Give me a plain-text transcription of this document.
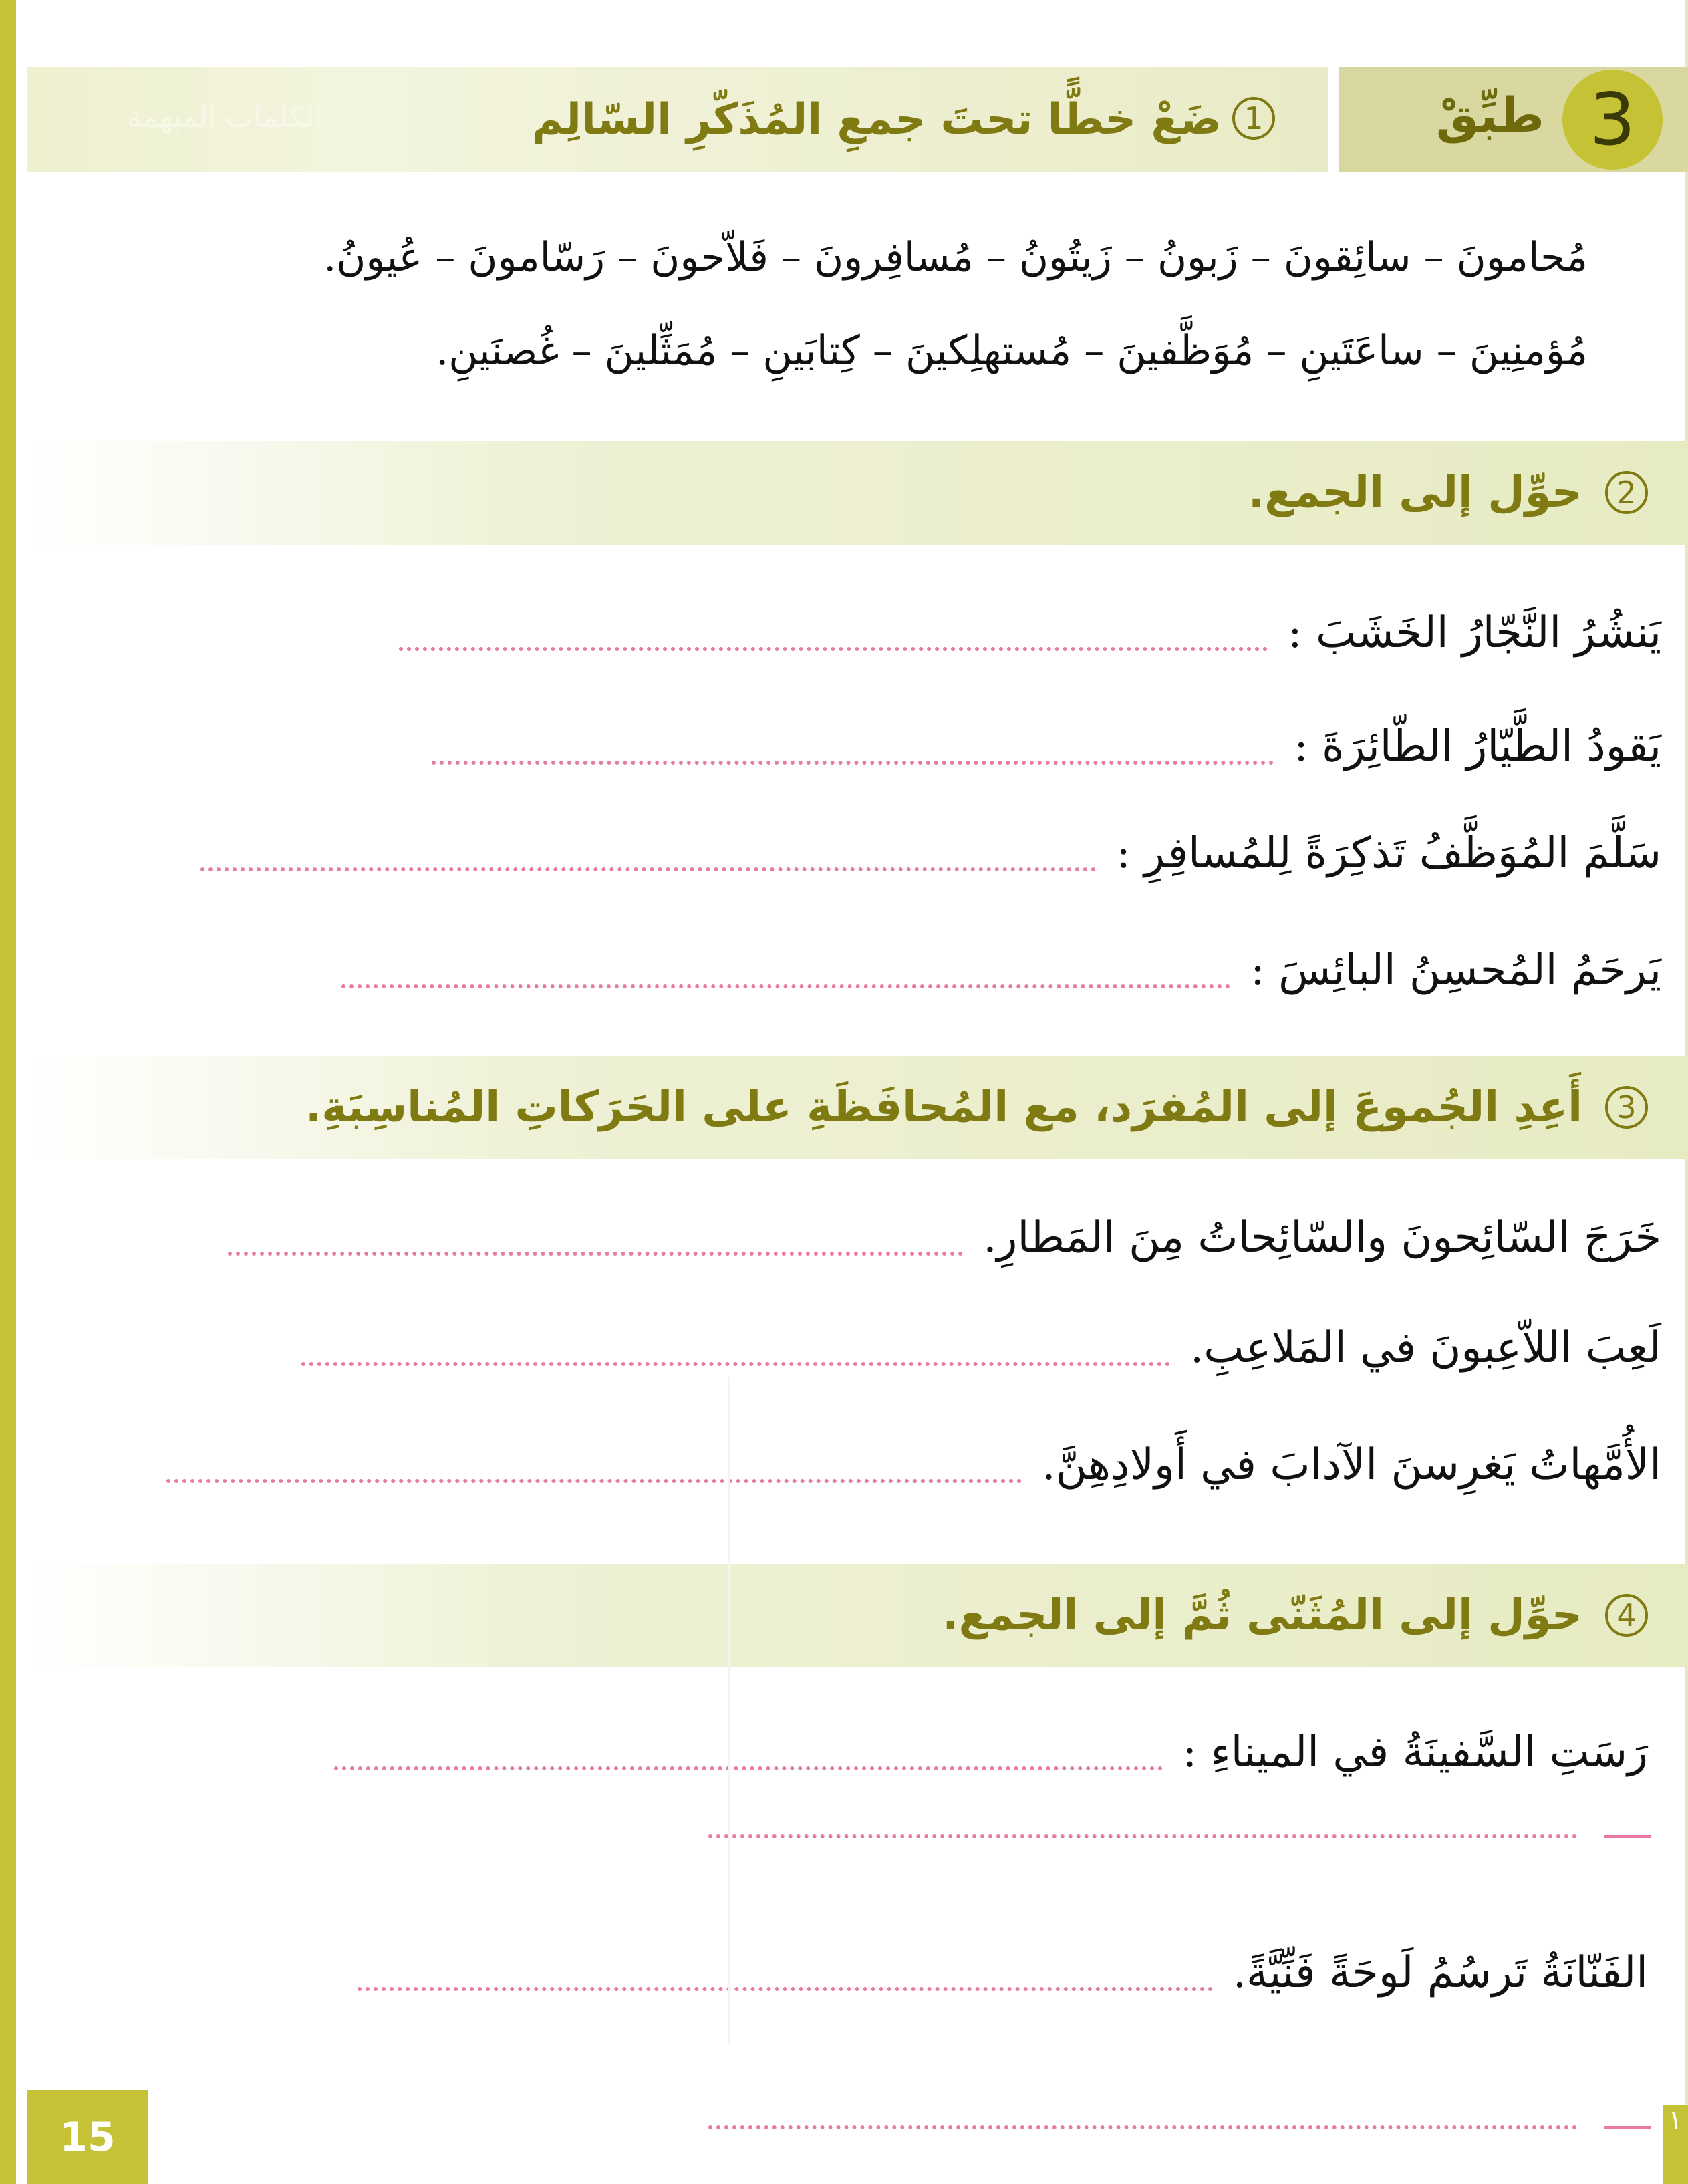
الكلمات المبهمة	ضَعْ خطًّا تحتَ جمعِ المُذَكّرِ السّالِم 1	طبِّقْ 3
مُحامونَ – سائِقونَ – زَبونُ – زَيتُونُ – مُسافِرونَ – فَلاّحونَ – رَسّامونَ – عُيونُ.
مُؤمنِينَ – ساعَتَينِ – مُوَظَّفينَ – مُستهلِكينَ – كِتابَينِ – مُمَثِّلينَ – غُصنَينِ.
2
حوِّل إلى الجمع.
يَنشُرُ النَّجّارُ الخَشَبَ :
يَقودُ الطَّيّارُ الطّائِرَةَ :
سَلَّمَ المُوَظَّفُ تَذكِرَةً لِلمُسافِرِ :
يَرحَمُ المُحسِنُ البائِسَ :
3
أَعِدِ الجُموعَ إلى المُفرَد، مع المُحافَظَةِ على الحَرَكاتِ المُناسِبَةِ.
خَرَجَ السّائِحونَ والسّائِحاتُ مِنَ المَطارِ.
لَعِبَ اللاّعِبونَ في المَلاعِبِ.
الأُمَّهاتُ يَغرِسنَ الآدابَ في أَولادِهِنَّ.
4
حوِّل إلى المُثَنّى ثُمَّ إلى الجمع.
رَسَتِ السَّفينَةُ في الميناءِ :
الفَنّانَةُ تَرسُمُ لَوحَةً فَنِّيَّةً.
15	١
